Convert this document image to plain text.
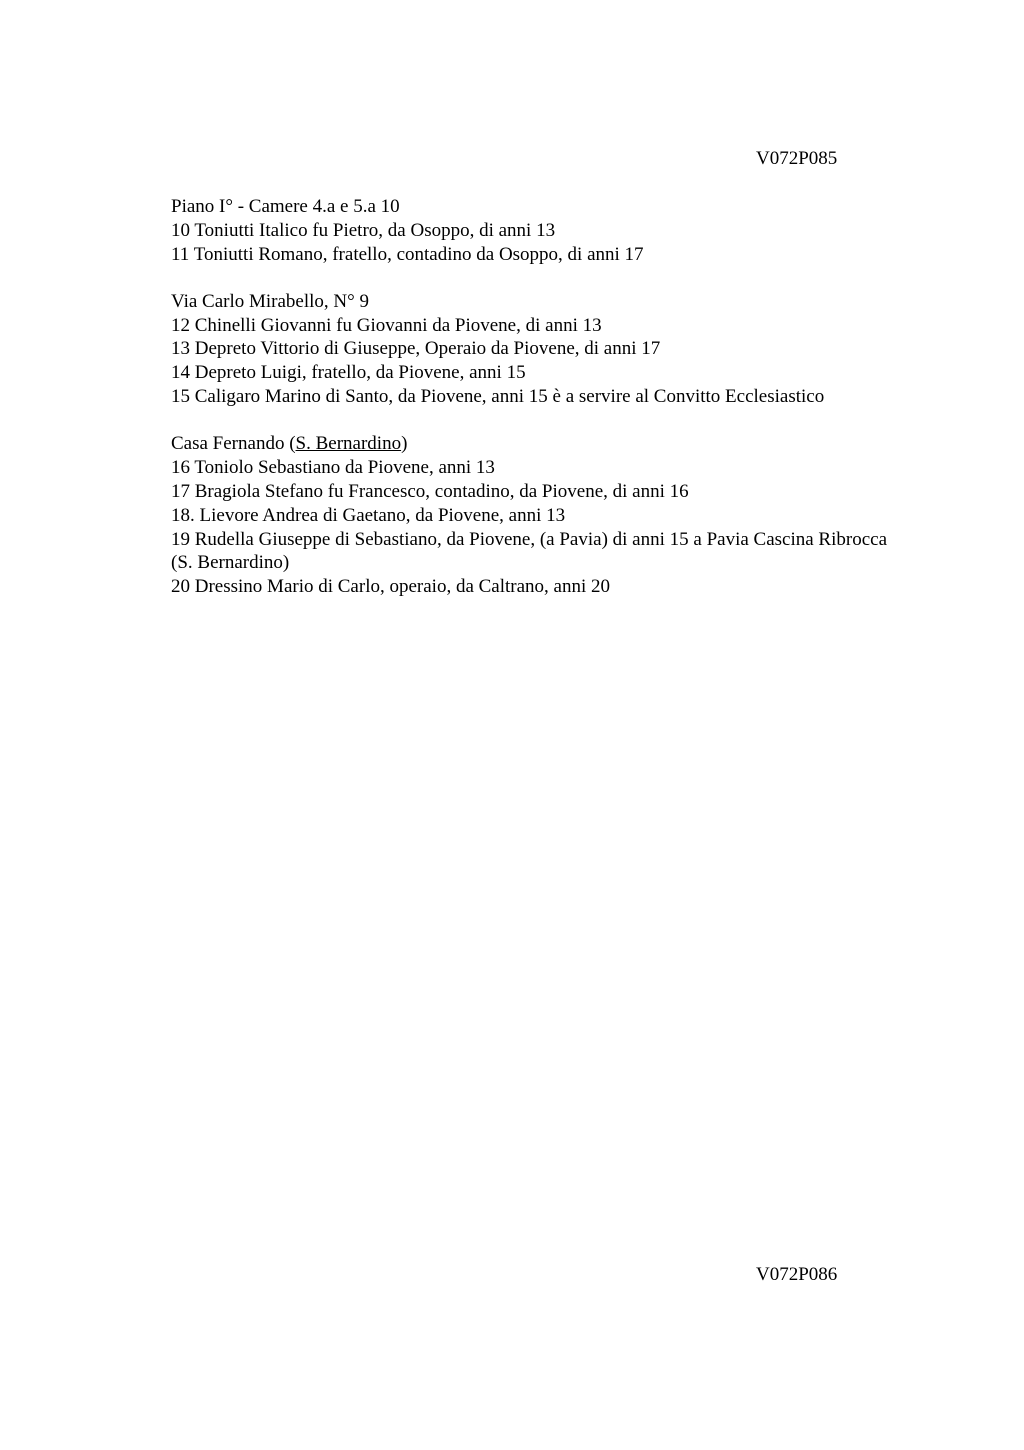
V072P085
Piano I° - Camere 4.a e 5.a 10
10 Toniutti Italico fu Pietro, da Osoppo, di anni 13
11 Toniutti Romano, fratello, contadino da Osoppo, di anni 17
Via Carlo Mirabello, N° 9
12 Chinelli Giovanni fu Giovanni da Piovene, di anni 13
13 Depreto Vittorio di Giuseppe, Operaio da Piovene, di anni 17
14 Depreto Luigi, fratello, da Piovene, anni 15
15 Caligaro Marino di Santo, da Piovene, anni 15 è a servire al Convitto Ecclesiastico
Casa Fernando (S. Bernardino)
16 Toniolo Sebastiano da Piovene, anni 13
17 Bragiola Stefano fu Francesco, contadino, da Piovene, di anni 16
18. Lievore Andrea di Gaetano, da Piovene, anni 13
19 Rudella Giuseppe di Sebastiano, da Piovene, (a Pavia) di anni 15 a Pavia Cascina Ribrocca (S. Bernardino)
20 Dressino Mario di Carlo, operaio, da Caltrano, anni 20
V072P086
